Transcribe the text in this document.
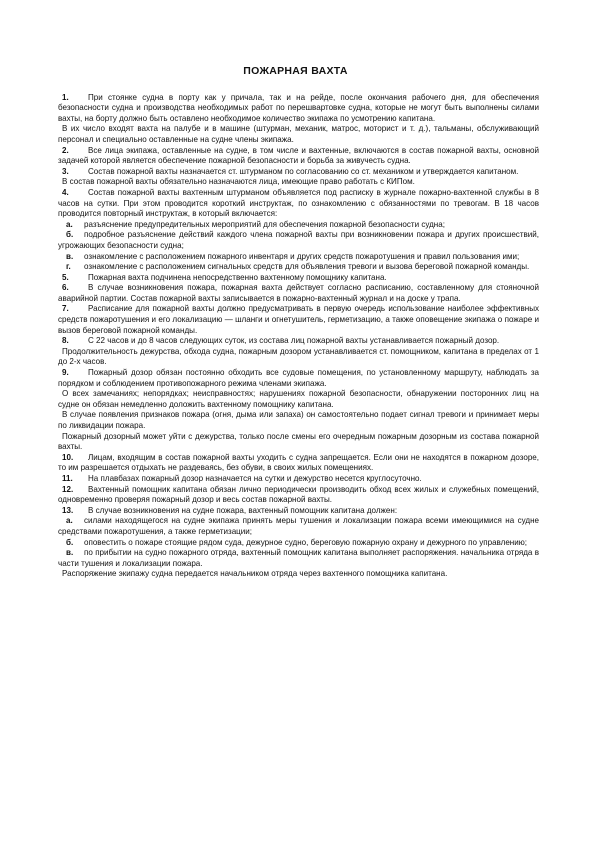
ПОЖАРНАЯ ВАХТА
1. При стоянке судна в порту как у причала, так и на рейде, после окончания рабочего дня, для обеспечения безопасности судна и производства необходимых работ по перешвартовке судна, которые не могут быть выполнены силами вахты, на борту должно быть оставлено необходимое количество экипажа по усмотрению капитана.
В их число входят вахта на палубе и в машине (штурман, механик, матрос, моторист и т. д.), тальманы, обслуживающий персонал и специально оставленные на судне члены экипажа.
2. Все лица экипажа, оставленные на судне, в том числе и вахтенные, включаются в состав пожарной вахты, основной задачей которой является обеспечение пожарной безопасности и борьба за живучесть судна.
3. Состав пожарной вахты назначается ст. штурманом по согласованию со ст. механиком и утверждается капитаном.
В состав пожарной вахты обязательно назначаются лица, имеющие право работать с КИПом.
4. Состав пожарной вахты вахтенным штурманом объявляется под расписку в журнале пожарно-вахтенной службы в 8 часов на сутки. При этом проводится короткий инструктаж, по ознакомлению с обязанностями по тревогам. В 18 часов проводится повторный инструктаж, в который включается:
а. разъяснение предупредительных мероприятий для обеспечения пожарной безопасности судна;
б. подробное разъяснение действий каждого члена пожарной вахты при возникновении пожара и других происшествий, угрожающих безопасности судна;
в. ознакомление с расположением пожарного инвентаря и других средств пожаротушения и правил пользования ими;
г. ознакомление с расположением сигнальных средств для объявления тревоги и вызова береговой пожарной команды.
5. Пожарная вахта подчинена непосредственно вахтенному помощнику капитана.
6. В случае возникновения пожара, пожарная вахта действует согласно расписанию, составленному для стояночной аварийной партии. Состав пожарной вахты записывается в пожарно-вахтенный журнал и на доске у трапа.
7. Расписание для пожарной вахты должно предусматривать в первую очередь использование наиболее эффективных средств пожаротушения и его локализацию — шланги и огнетушитель, герметизацию, а также оповещение экипажа о пожаре и вызов береговой пожарной команды.
8. С 22 часов и до 8 часов следующих суток, из состава лиц пожарной вахты устанавливается пожарный дозор.
Продолжительность дежурства, обхода судна, пожарным дозором устанавливается ст. помощником, капитана в пределах от 1 до 2-х часов.
9. Пожарный дозор обязан постоянно обходить все судовые помещения, по установленному маршруту, наблюдать за порядком и соблюдением противопожарного режима членами экипажа.
О всех замечаниях; непорядках; неисправностях; нарушениях пожарной безопасности, обнаружении посторонних лиц на судне он обязан немедленно доложить вахтенному помощнику капитана.
В случае появления признаков пожара (огня, дыма или запаха) он самостоятельно подает сигнал тревоги и принимает меры по ликвидации пожара.
Пожарный дозорный может уйти с дежурства, только после смены его очередным пожарным дозорным из состава пожарной вахты.
10. Лицам, входящим в состав пожарной вахты уходить с судна запрещается. Если они не находятся в пожарном дозоре, то им разрешается отдыхать не раздеваясь, без обуви, в своих жилых помещениях.
11. На плавбазах пожарный дозор назначается на сутки и дежурство несется круглосуточно.
12. Вахтенный помощник капитана обязан лично периодически производить обход всех жилых и служебных помещений, одновременно проверяя пожарный дозор и весь состав пожарной вахты.
13. В случае возникновения на судне пожара, вахтенный помощник капитана должен:
а. силами находящегося на судне экипажа принять меры тушения и локализации пожара всеми имеющимися на судне средствами пожаротушения, а также герметизации;
б. оповестить о пожаре стоящие рядом суда, дежурное судно, береговую пожарную охрану и дежурного по управлению;
в. по прибытии на судно пожарного отряда, вахтенный помощник капитана выполняет распоряжения. начальника отряда в части тушения и локализации пожара.
Распоряжение экипажу судна передается начальником отряда через вахтенного помощника капитана.
